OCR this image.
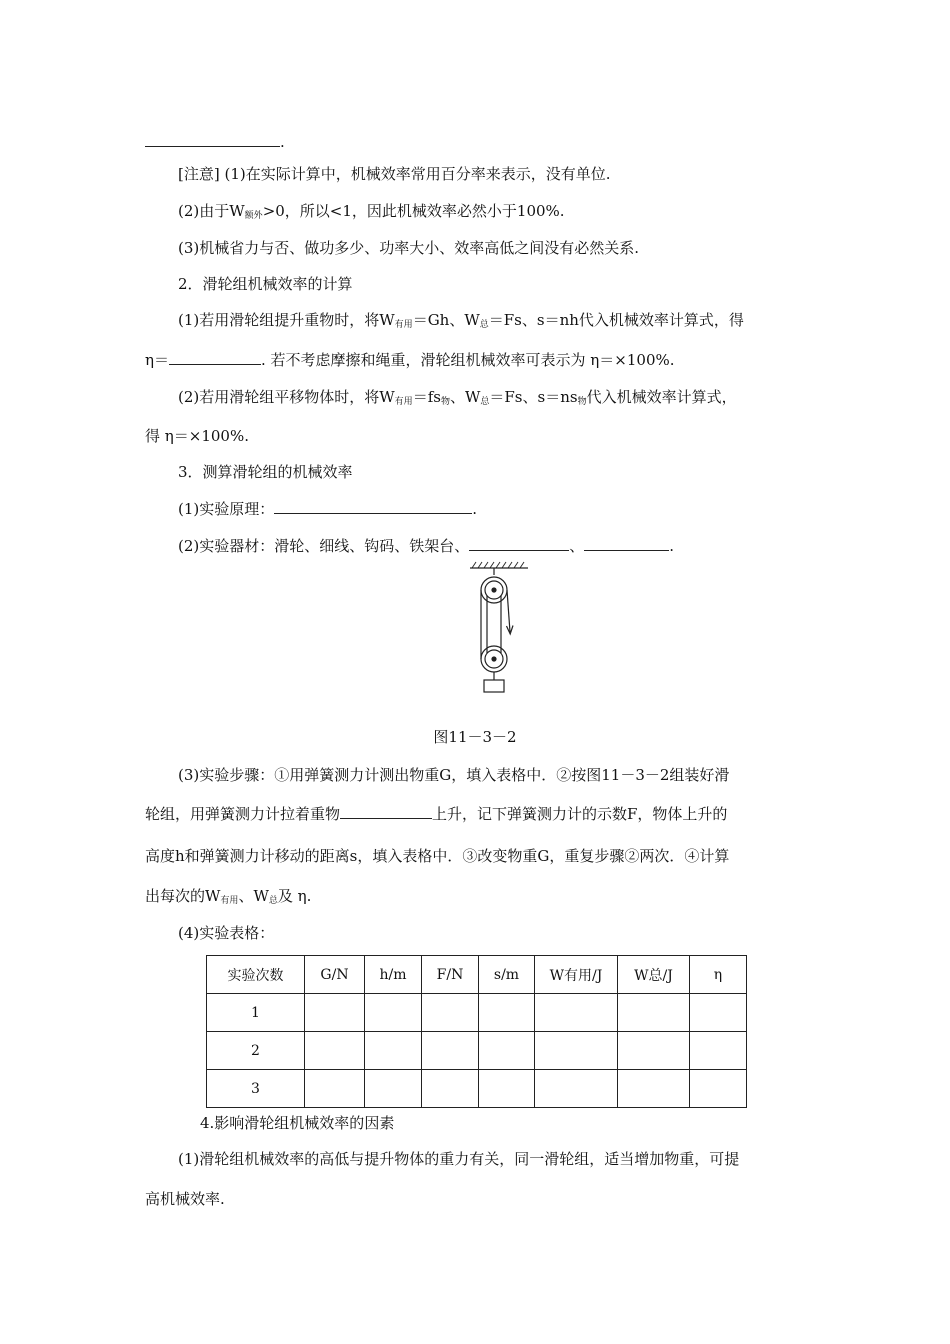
.
[注意] (1)在实际计算中，机械效率常用百分率来表示，没有单位.
(2)由于$W_{额外}>0$，所以<1，因此机械效率必然小于100%.
(3)机械省力与否、做功多少、功率大小、效率高低之间没有必然关系.
2．滑轮组机械效率的计算
(1)若用滑轮组提升重物时，将$W_{有用}=Gh$、$W_总=Fs$、s＝nh代入机械效率计算式，得
η＝	. 若不考虑摩擦和绳重，滑轮组机械效率可表示为 η＝×100%.
(2)若用滑轮组平移物体时，将$W_{有用}=fs_物$、$W_总=Fs$、$s=ns_物$代入机械效率计算式，
得 η＝×100%.
3．测算滑轮组的机械效率
(1)实验原理：	.
(2)实验器材：滑轮、细线、钩码、铁架台、	、	.
图11－3－2
(3)实验步骤：①用弹簧测力计测出物重G，填入表格中．②按图11－3－2组装好滑
轮组，用弹簧测力计拉着重物	上升，记下弹簧测力计的示数F，物体上升的
高度h和弹簧测力计移动的距离s，填入表格中．③改变物重G，重复步骤②两次．④计算
出每次的$W_{有用}$、$W_总$及 η.
(4)实验表格：
实验次数	G/N	h/m	F/N	s/m	W有用/J	W总/J	η
1							
2							
3							
4.影响滑轮组机械效率的因素
(1)滑轮组机械效率的高低与提升物体的重力有关，同一滑轮组，适当增加物重，可提
高机械效率.
